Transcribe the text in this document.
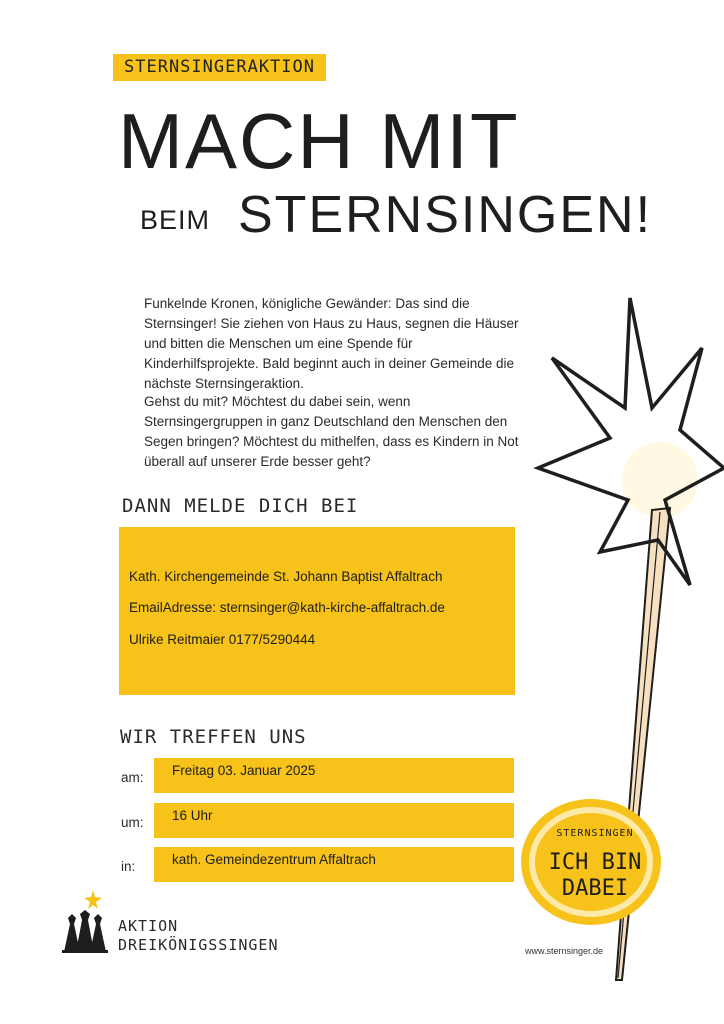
STERNSINGEN
ICH BIN
DABEI
STERNSINGERAKTION
MACH MIT
BEIM STERNSINGEN!
Funkelnde Kronen, königliche Gewänder: Das sind die Sternsinger! Sie ziehen von Haus zu Haus, segnen die Häuser und bitten die Menschen um eine Spende für Kinderhilfsprojekte. Bald beginnt auch in deiner Gemeinde die nächste Sternsingeraktion.
Gehst du mit? Möchtest du dabei sein, wenn Sternsingergruppen in ganz Deutschland den Menschen den Segen bringen? Möchtest du mithelfen, dass es Kindern in Not überall auf unserer Erde besser geht?
DANN MELDE DICH BEI
Kath. Kirchengemeinde St. Johann Baptist Affaltrach
EmailAdresse: sternsinger@kath-kirche-affaltrach.de
Ulrike Reitmaier 0177/5290444
WIR TREFFEN UNS
am: Freitag 03. Januar 2025
um: 16 Uhr
in:	kath. Gemeindezentrum Affaltrach
AKTION
DREIKÖNIGSSINGEN	www.sternsinger.de
